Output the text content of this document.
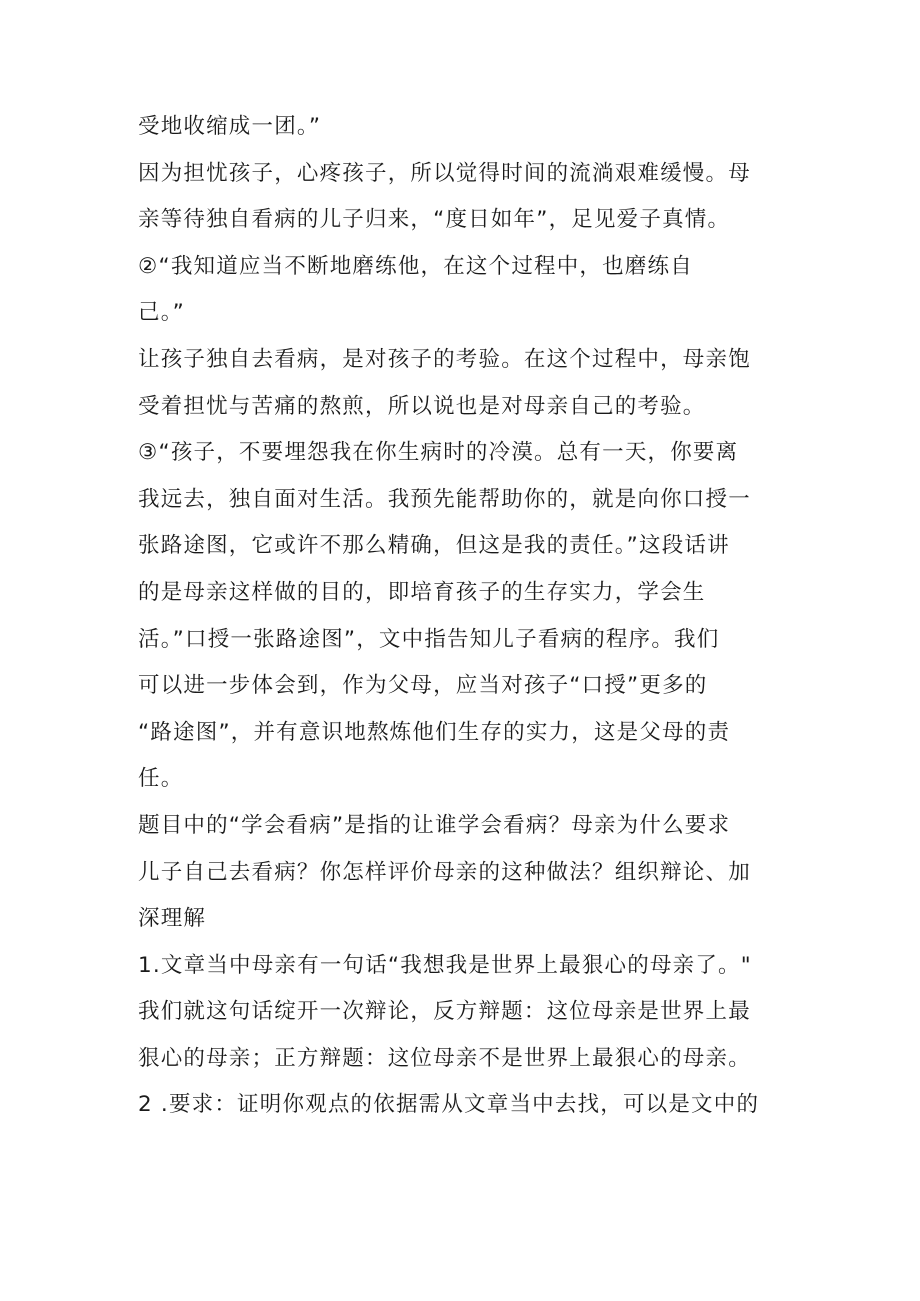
受地收缩成一团。”
因为担忧孩子，心疼孩子，所以觉得时间的流淌艰难缓慢。母
亲等待独自看病的儿子归来，“度日如年”，足见爱子真情。
②“我知道应当不断地磨练他，在这个过程中，也磨练自
己。”
让孩子独自去看病，是对孩子的考验。在这个过程中，母亲饱
受着担忧与苦痛的熬煎，所以说也是对母亲自己的考验。
③“孩子，不要埋怨我在你生病时的冷漠。总有一天，你要离
我远去，独自面对生活。我预先能帮助你的，就是向你口授一
张路途图，它或许不那么精确，但这是我的责任。”这段话讲
的是母亲这样做的目的，即培育孩子的生存实力，学会生
活。”口授一张路途图”，文中指告知儿子看病的程序。我们
可以进一步体会到，作为父母，应当对孩子“口授”更多的
“路途图”，并有意识地熬炼他们生存的实力，这是父母的责
任。
题目中的“学会看病”是指的让谁学会看病？母亲为什么要求
儿子自己去看病？你怎样评价母亲的这种做法？组织辩论、加
深理解
1.文章当中母亲有一句话“我想我是世界上最狠心的母亲了。"
我们就这句话绽开一次辩论，反方辩题：这位母亲是世界上最
狠心的母亲；正方辩题：这位母亲不是世界上最狠心的母亲。
2 .要求：证明你观点的依据需从文章当中去找，可以是文中的
